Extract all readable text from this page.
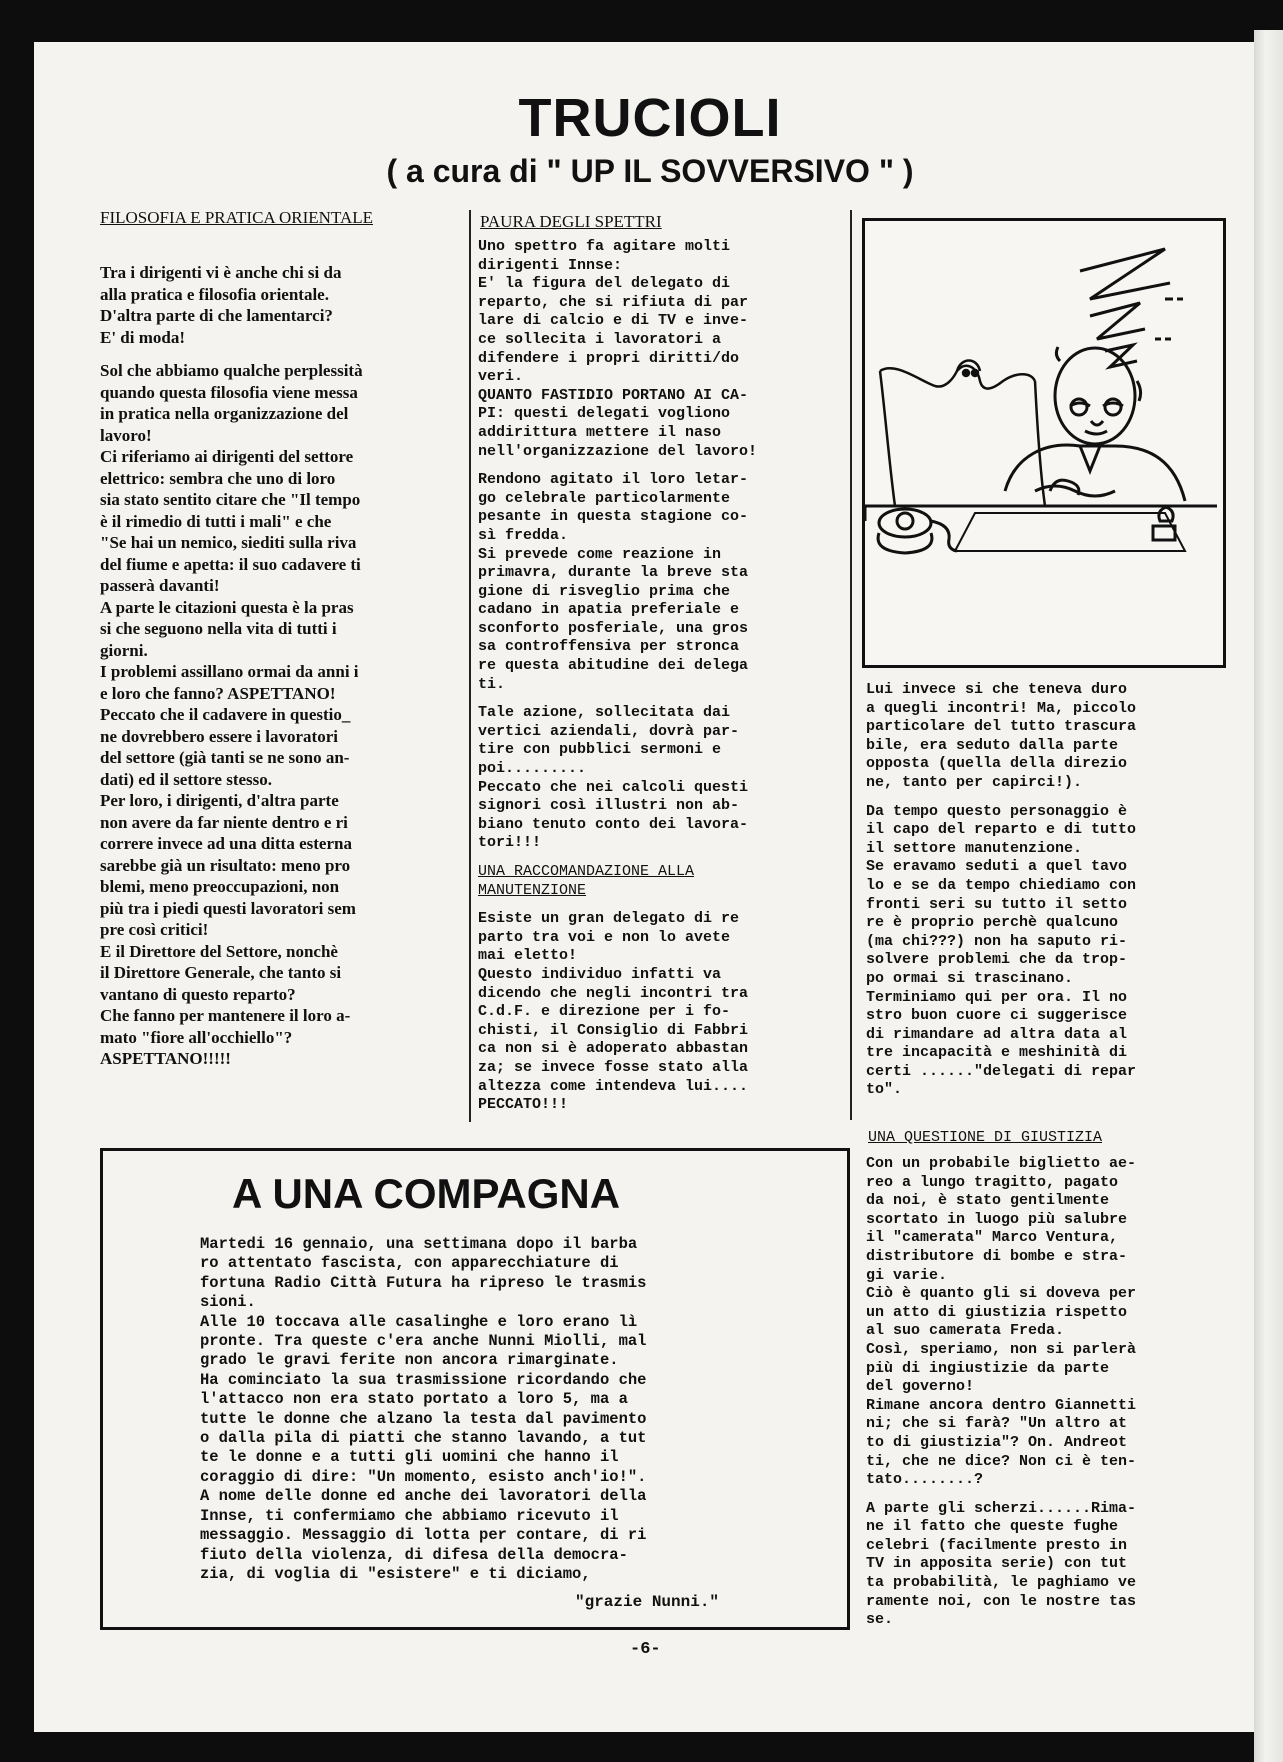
TRUCIOLI
( a cura di " UP IL SOVVERSIVO " )
FILOSOFIA E PRATICA ORIENTALE

Tra i dirigenti vi è anche chi si da
alla pratica e filosofia orientale.
D'altra parte di che lamentarci?
E' di moda!

Sol che abbiamo qualche perplessità
quando questa filosofia viene messa
in pratica nella organizzazione del
lavoro!
Ci riferiamo ai dirigenti del settore
elettrico: sembra che uno di loro
sia stato sentito citare che "Il tempo
è il rimedio di tutti i mali" e che
"Se hai un nemico, siediti sulla riva
del fiume e apetta: il suo cadavere ti
passerà davanti!
A parte le citazioni questa è la pras
si che seguono nella vita di tutti i
giorni.
I problemi assillano ormai da anni i
e loro che fanno? ASPETTANO!
Peccato che il cadavere in questio_
ne dovrebbero essere i lavoratori
del settore (già tanti se ne sono an-
dati) ed il settore stesso.
Per loro, i dirigenti, d'altra parte
non avere da far niente dentro e ri
correre invece ad una ditta esterna
sarebbe già un risultato: meno pro
blemi, meno preoccupazioni, non
più tra i piedi questi lavoratori sem
pre così critici!
E il Direttore del Settore, nonchè
il Direttore Generale, che tanto si
vantano di questo reparto?
Che fanno per mantenere il loro a-
mato "fiore all'occhiello"?
ASPETTANO!!!!!

PAURA DEGLI SPETTRI

Uno spettro fa agitare molti
dirigenti Innse:
E' la figura del delegato di
reparto, che si rifiuta di par
lare di calcio e di TV e inve-
ce sollecita i lavoratori a
difendere i propri diritti/do
veri.
QUANTO FASTIDIO PORTANO AI CA-
PI: questi delegati vogliono
addirittura mettere il naso
nell'organizzazione del lavoro!

Rendono agitato il loro letar-
go celebrale particolarmente
pesante in questa stagione co-
sì fredda.
Si prevede come reazione in
primavra, durante la breve sta
gione di risveglio prima che
cadano in apatia preferiale e
sconforto posferiale, una gros
sa controffensiva per stronca
re questa abitudine dei delega
ti.

Tale azione, sollecitata dai
vertici aziendali, dovrà par-
tire con pubblici sermoni e
poi.........
Peccato che nei calcoli questi
signori così illustri non ab-
biano tenuto conto dei lavora-
tori!!!

UNA RACCOMANDAZIONE ALLA
MANUTENZIONE

Esiste un gran delegato di re
parto tra voi e non lo avete
mai eletto!
Questo individuo infatti va
dicendo che negli incontri tra
C.d.F. e direzione per i fo-
chisti, il Consiglio di Fabbri
ca non si è adoperato abbastan
za; se invece fosse stato alla
altezza come intendeva lui....
PECCATO!!!

Lui invece si che teneva duro
a quegli incontri! Ma, piccolo
particolare del tutto trascura
bile, era seduto dalla parte
opposta (quella della direzio
ne, tanto per capirci!).

Da tempo questo personaggio è
il capo del reparto e di tutto
il settore manutenzione.
Se eravamo seduti a quel tavo
lo e se da tempo chiediamo con
fronti seri su tutto il setto
re è proprio perchè qualcuno
(ma chi???) non ha saputo ri-
solvere problemi che da trop-
po ormai si trascinano.
Terminiamo qui per ora. Il no
stro buon cuore ci suggerisce
di rimandare ad altra data al
tre incapacità e meshinità di
certi ......"delegati di repar
to".

UNA QUESTIONE DI GIUSTIZIA

Con un probabile biglietto ae-
reo a lungo tragitto, pagato
da noi, è stato gentilmente
scortato in luogo più salubre
il "camerata" Marco Ventura,
distributore di bombe e stra-
gi varie.
Ciò è quanto gli si doveva per
un atto di giustizia rispetto
al suo camerata Freda.
Così, speriamo, non si parlerà
più di ingiustizie da parte
del governo!
Rimane ancora dentro Giannetti
ni; che si farà? "Un altro at
to di giustizia"? On. Andreot
ti, che ne dice? Non ci è ten-
tato........?

A parte gli scherzi......Rima-
ne il fatto che queste fughe
celebri (facilmente presto in
TV in apposita serie) con tut
ta probabilità, le paghiamo ve
ramente noi, con le nostre tas
se.

A UNA COMPAGNA
Martedi 16 gennaio, una settimana dopo il barba
ro attentato fascista, con apparecchiature di
fortuna Radio Città Futura ha ripreso le trasmis
sioni.
Alle 10 toccava alle casalinghe e loro erano lì
pronte. Tra queste c'era anche Nunni Miolli, mal
grado le gravi ferite non ancora rimarginate.
Ha cominciato la sua trasmissione ricordando che
l'attacco non era stato portato a loro 5, ma a
tutte le donne che alzano la testa dal pavimento
o dalla pila di piatti che stanno lavando, a tut
te le donne e a tutti gli uomini che hanno il
coraggio di dire: "Un momento, esisto anch'io!".
A nome delle donne ed anche dei lavoratori della
Innse, ti confermiamo che abbiamo ricevuto il
messaggio. Messaggio di lotta per contare, di ri
fiuto della violenza, di difesa della democra-
zia, di voglia di "esistere" e ti diciamo,
"grazie Nunni."
-6-
